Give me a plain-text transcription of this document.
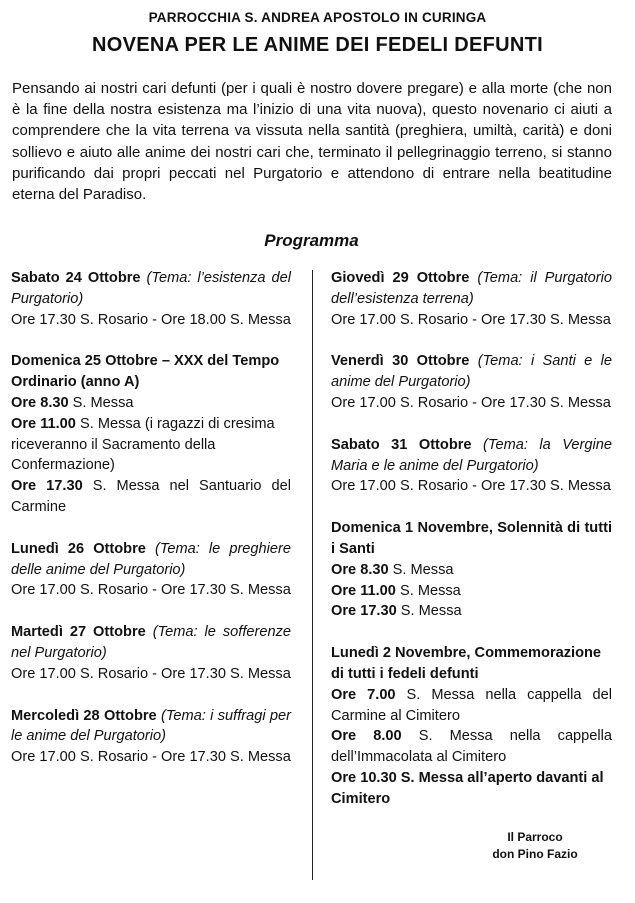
PARROCCHIA S. ANDREA APOSTOLO IN CURINGA
NOVENA PER LE ANIME DEI FEDELI DEFUNTI

Pensando ai nostri cari defunti (per i quali è nostro dovere pregare) e alla morte (che non è la fine della nostra esistenza ma l’inizio di una vita nuova), questo novenario ci aiuti a comprendere che la vita terrena va vissuta nella santità (preghiera, umiltà, carità) e doni sollievo e aiuto alle anime dei nostri cari che, terminato il pellegrinaggio terreno, si stanno purificando dai propri peccati nel Purgatorio e attendono di entrare nella beatitudine eterna del Paradiso.

Programma

Sabato 24 Ottobre (Tema: l’esistenza del Purgatorio)

Ore 17.30 S. Rosario - Ore 18.00 S. Messa

Domenica 25 Ottobre – XXX del Tempo Ordinario (anno A)

Ore 8.30 S. Messa

Ore 11.00 S. Messa (i ragazzi di cresima riceveranno il Sacramento della Confermazione)

Ore 17.30 S. Messa nel Santuario del Carmine

Lunedì 26 Ottobre (Tema: le preghiere delle anime del Purgatorio)

Ore 17.00 S. Rosario - Ore 17.30 S. Messa

Martedì 27 Ottobre (Tema: le sofferenze nel Purgatorio)

Ore 17.00 S. Rosario - Ore 17.30 S. Messa

Mercoledì 28 Ottobre (Tema: i suffragi per le anime del Purgatorio)

Ore 17.00 S. Rosario - Ore 17.30 S. Messa

Giovedì 29 Ottobre (Tema: il Purgatorio dell’esistenza terrena)

Ore 17.00 S. Rosario - Ore 17.30 S. Messa

Venerdì 30 Ottobre (Tema: i Santi e le anime del Purgatorio)

Ore 17.00 S. Rosario - Ore 17.30 S. Messa

Sabato 31 Ottobre (Tema: la Vergine Maria e le anime del Purgatorio)

Ore 17.00 S. Rosario - Ore 17.30 S. Messa

Domenica 1 Novembre, Solennità di tutti i Santi

Ore 8.30 S. Messa

Ore 11.00 S. Messa

Ore 17.30 S. Messa

Lunedì 2 Novembre, Commemorazione di tutti i fedeli defunti

Ore 7.00 S. Messa nella cappella del Carmine al Cimitero

Ore 8.00 S. Messa nella cappella dell’Immacolata al Cimitero

Ore 10.30 S. Messa all’aperto davanti al Cimitero

Il Parroco
don Pino Fazio
